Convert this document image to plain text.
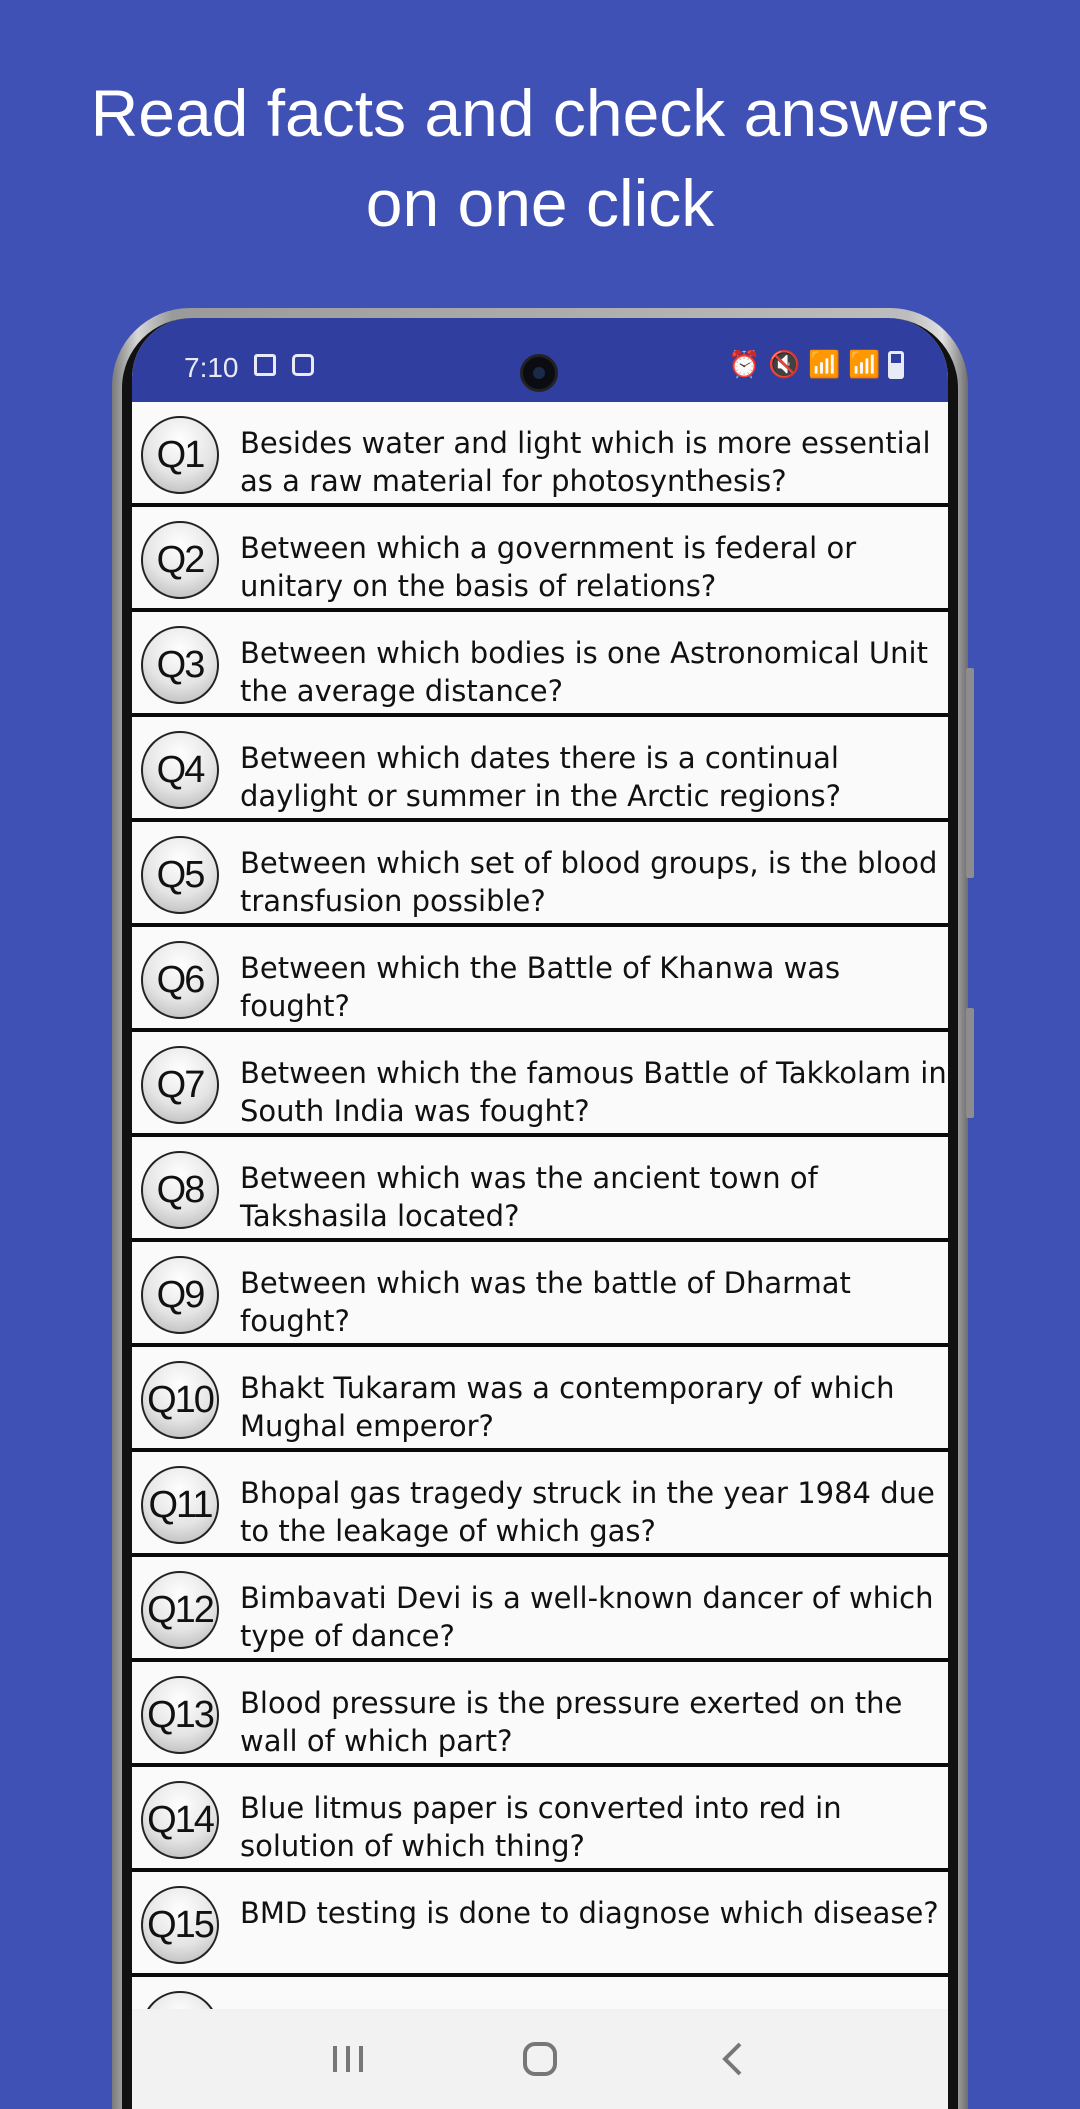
Read facts and check answers
on one click
7:10	⏰ 🔇 📶 📶
Q1	Besides water and light which is more essential
as a raw material for photosynthesis?
Q2	Between which a government is federal or
unitary on the basis of relations?
Q3	Between which bodies is one Astronomical Unit
the average distance?
Q4	Between which dates there is a continual
daylight or summer in the Arctic regions?
Q5	Between which set of blood groups, is the blood
transfusion possible?
Q6	Between which the Battle of Khanwa was
fought?
Q7	Between which the famous Battle of Takkolam in
South India was fought?
Q8	Between which was the ancient town of
Takshasila located?
Q9	Between which was the battle of Dharmat
fought?
Q10 Bhakt Tukaram was a contemporary of which
Mughal emperor?
Q11 Bhopal gas tragedy struck in the year 1984 due
to the leakage of which gas?
Q12 Bimbavati Devi is a well-known dancer of which
type of dance?
Q13 Blood pressure is the pressure exerted on the
wall of which part?
Q14 Blue litmus paper is converted into red in
solution of which thing?
Q15 BMD testing is done to diagnose which disease?
